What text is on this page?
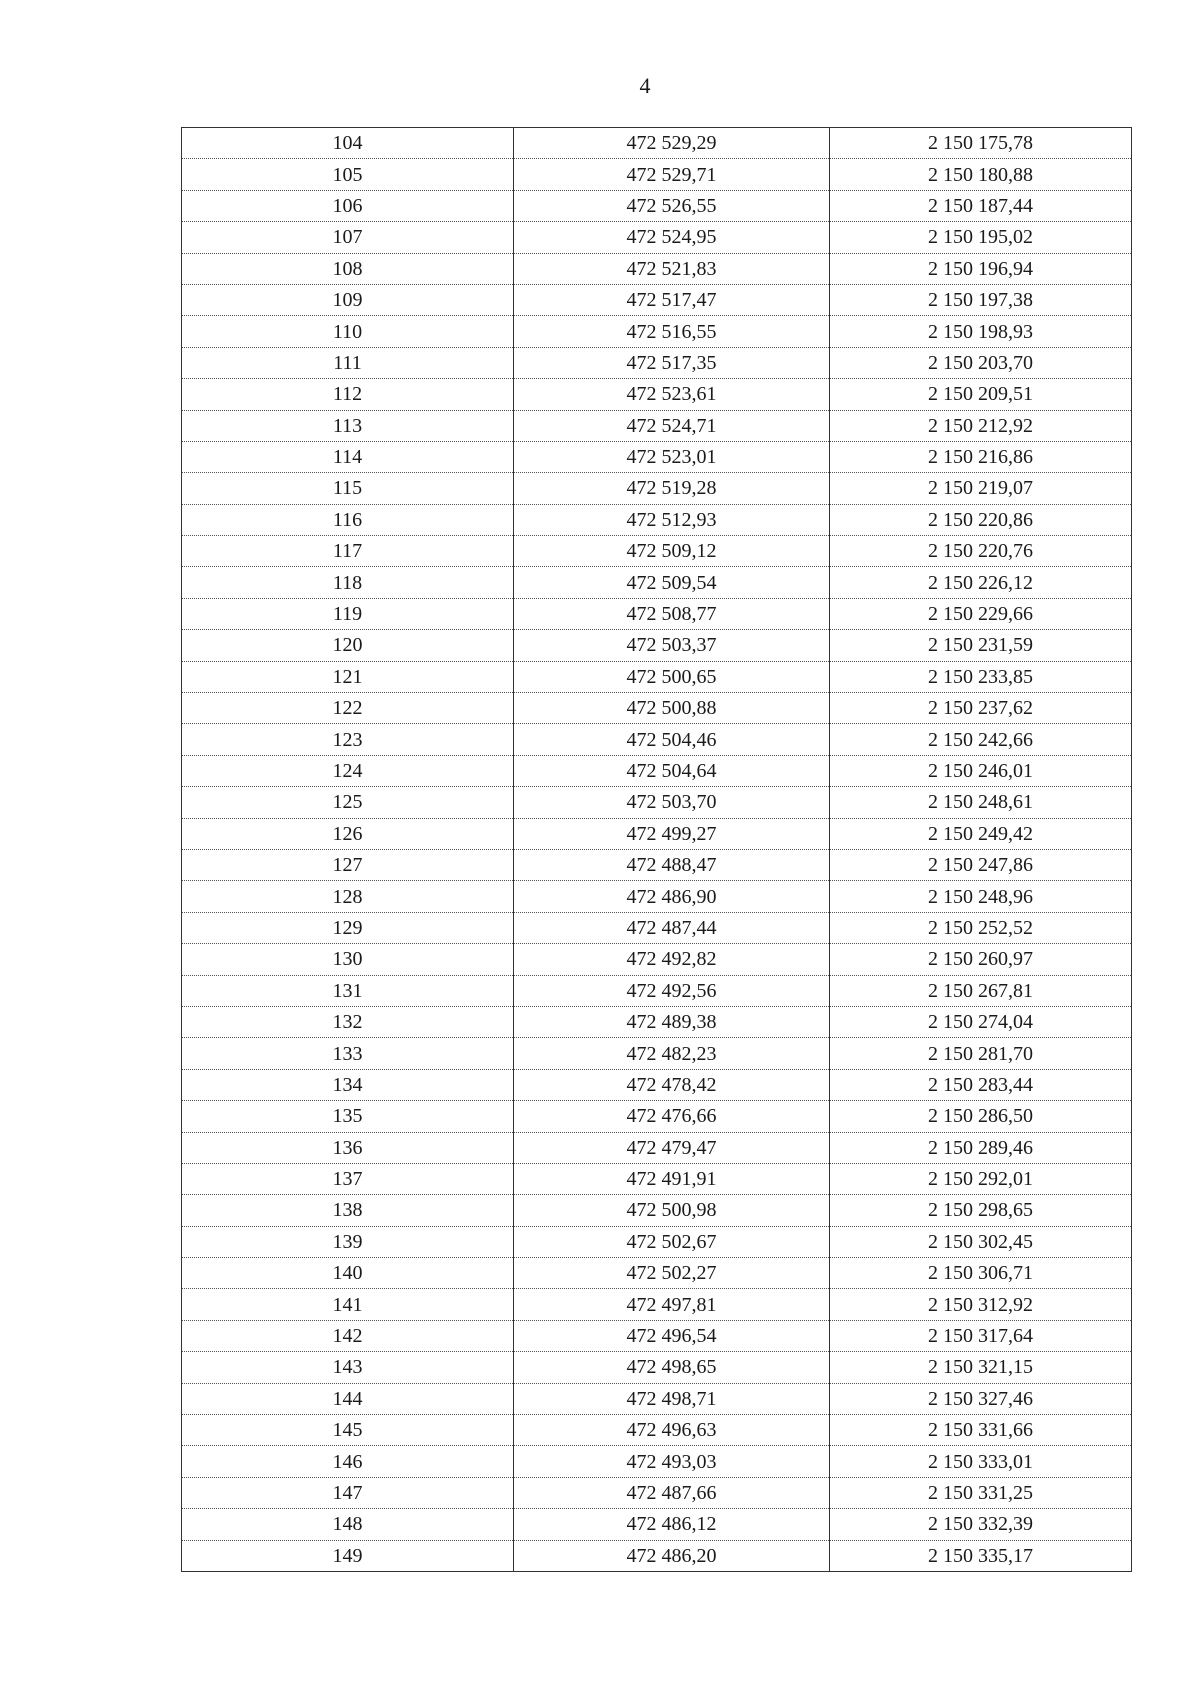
4
104	472 529,29	2 150 175,78
105	472 529,71	2 150 180,88
106	472 526,55	2 150 187,44
107	472 524,95	2 150 195,02
108	472 521,83	2 150 196,94
109	472 517,47	2 150 197,38
110	472 516,55	2 150 198,93
111	472 517,35	2 150 203,70
112	472 523,61	2 150 209,51
113	472 524,71	2 150 212,92
114	472 523,01	2 150 216,86
115	472 519,28	2 150 219,07
116	472 512,93	2 150 220,86
117	472 509,12	2 150 220,76
118	472 509,54	2 150 226,12
119	472 508,77	2 150 229,66
120	472 503,37	2 150 231,59
121	472 500,65	2 150 233,85
122	472 500,88	2 150 237,62
123	472 504,46	2 150 242,66
124	472 504,64	2 150 246,01
125	472 503,70	2 150 248,61
126	472 499,27	2 150 249,42
127	472 488,47	2 150 247,86
128	472 486,90	2 150 248,96
129	472 487,44	2 150 252,52
130	472 492,82	2 150 260,97
131	472 492,56	2 150 267,81
132	472 489,38	2 150 274,04
133	472 482,23	2 150 281,70
134	472 478,42	2 150 283,44
135	472 476,66	2 150 286,50
136	472 479,47	2 150 289,46
137	472 491,91	2 150 292,01
138	472 500,98	2 150 298,65
139	472 502,67	2 150 302,45
140	472 502,27	2 150 306,71
141	472 497,81	2 150 312,92
142	472 496,54	2 150 317,64
143	472 498,65	2 150 321,15
144	472 498,71	2 150 327,46
145	472 496,63	2 150 331,66
146	472 493,03	2 150 333,01
147	472 487,66	2 150 331,25
148	472 486,12	2 150 332,39
149	472 486,20	2 150 335,17
